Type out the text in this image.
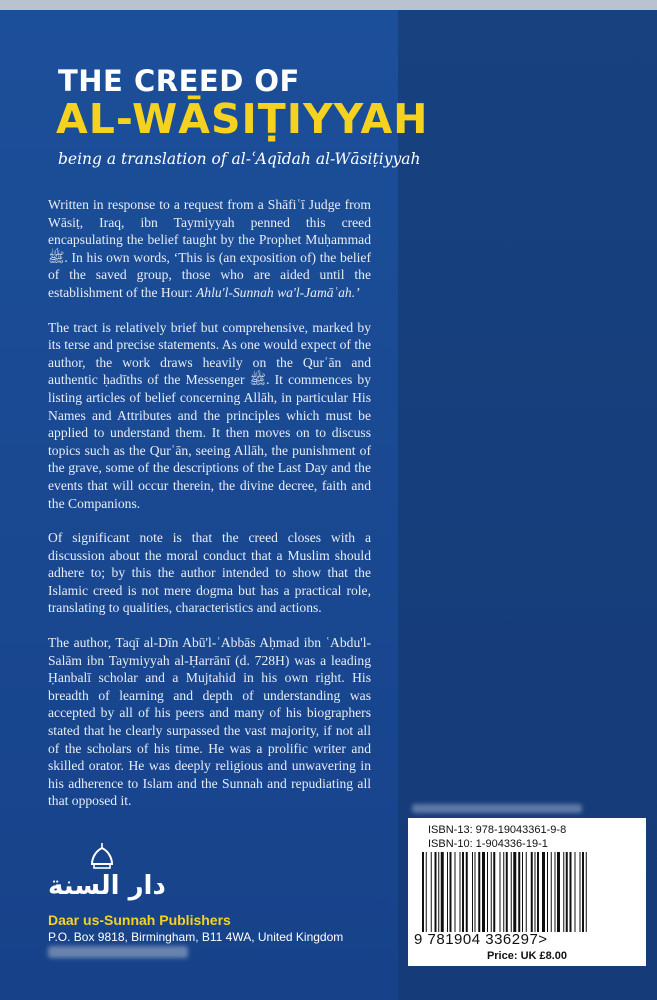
THE CREED OF
AL-WĀSIṬIYYAH
being a translation of al-ʿAqīdah al-Wāsiṭiyyah

Written in response to a request from a Shāfiʿī Judge from Wāsiṭ, Iraq, ibn Taymiyyah penned this creed encapsulating the belief taught by the Prophet Muḥammad ﷺ. In his own words, ‘This is (an exposition of) the belief of the saved group, those who are aided until the establishment of the Hour: Ahlu'l-Sunnah wa'l-Jamāʿah.’

The tract is relatively brief but comprehensive, marked by its terse and precise statements. As one would expect of the author, the work draws heavily on the Qurʾān and authentic ḥadīths of the Messenger ﷺ. It commences by listing articles of belief concerning Allāh, in particular His Names and Attributes and the principles which must be applied to understand them. It then moves on to discuss topics such as the Qurʾān, seeing Allāh, the punishment of the grave, some of the descriptions of the Last Day and the events that will occur therein, the divine decree, faith and the Companions.

Of significant note is that the creed closes with a discussion about the moral conduct that a Muslim should adhere to; by this the author intended to show that the Islamic creed is not mere dogma but has a practical role, translating to qualities, characteristics and actions.

The author, Taqī al-Dīn Abū'l-ʿAbbās Aḥmad ibn ʿAbdu'l-Salām ibn Taymiyyah al-Ḥarrānī (d. 728H) was a leading Ḥanbalī scholar and a Mujtahid in his own right. His breadth of learning and depth of understanding was accepted by all of his peers and many of his biographers stated that he clearly surpassed the vast majority, if not all of the scholars of his time. He was a prolific writer and skilled orator. He was deeply religious and unwavering in his adherence to Islam and the Sunnah and repudiating all that opposed it.

دار السنة
Daar us-Sunnah Publishers
P.O. Box 9818, Birmingham, B11 4WA, United Kingdom
ISBN-13: 978-19043361-9-8
ISBN-10: 1-904336-19-1
9 781904 336297>
Price: UK £8.00
